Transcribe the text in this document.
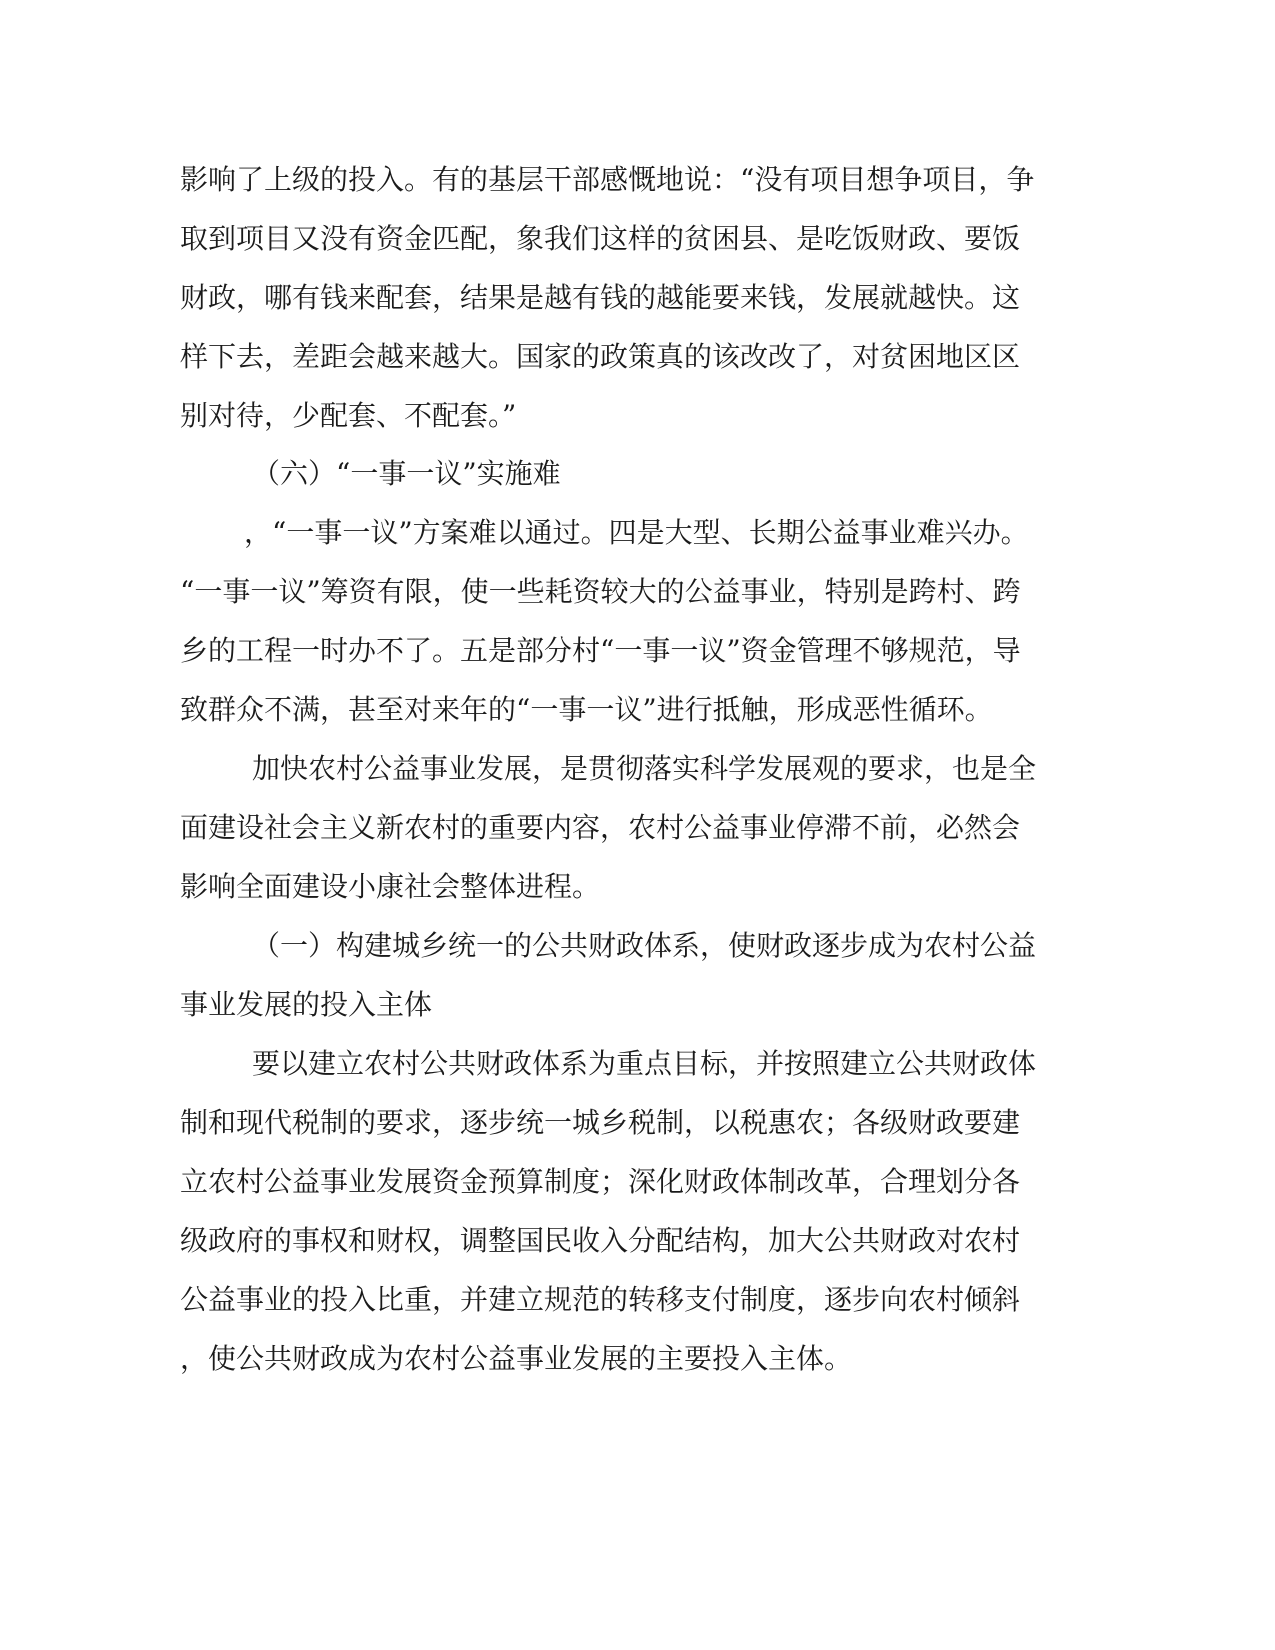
影响了上级的投入。有的基层干部感慨地说：“没有项目想争项目，争
取到项目又没有资金匹配，象我们这样的贫困县、是吃饭财政、要饭
财政，哪有钱来配套，结果是越有钱的越能要来钱，发展就越快。这
样下去，差距会越来越大。国家的政策真的该改改了，对贫困地区区
别对待，少配套、不配套。”
（六）“一事一议”实施难
，“一事一议”方案难以通过。四是大型、长期公益事业难兴办。
“一事一议”筹资有限，使一些耗资较大的公益事业，特别是跨村、跨
乡的工程一时办不了。五是部分村“一事一议”资金管理不够规范，导
致群众不满，甚至对来年的“一事一议”进行抵触，形成恶性循环。
加快农村公益事业发展，是贯彻落实科学发展观的要求，也是全
面建设社会主义新农村的重要内容，农村公益事业停滞不前，必然会
影响全面建设小康社会整体进程。
（一）构建城乡统一的公共财政体系，使财政逐步成为农村公益
事业发展的投入主体
要以建立农村公共财政体系为重点目标，并按照建立公共财政体
制和现代税制的要求，逐步统一城乡税制，以税惠农；各级财政要建
立农村公益事业发展资金预算制度；深化财政体制改革，合理划分各
级政府的事权和财权，调整国民收入分配结构，加大公共财政对农村
公益事业的投入比重，并建立规范的转移支付制度，逐步向农村倾斜
，使公共财政成为农村公益事业发展的主要投入主体。
